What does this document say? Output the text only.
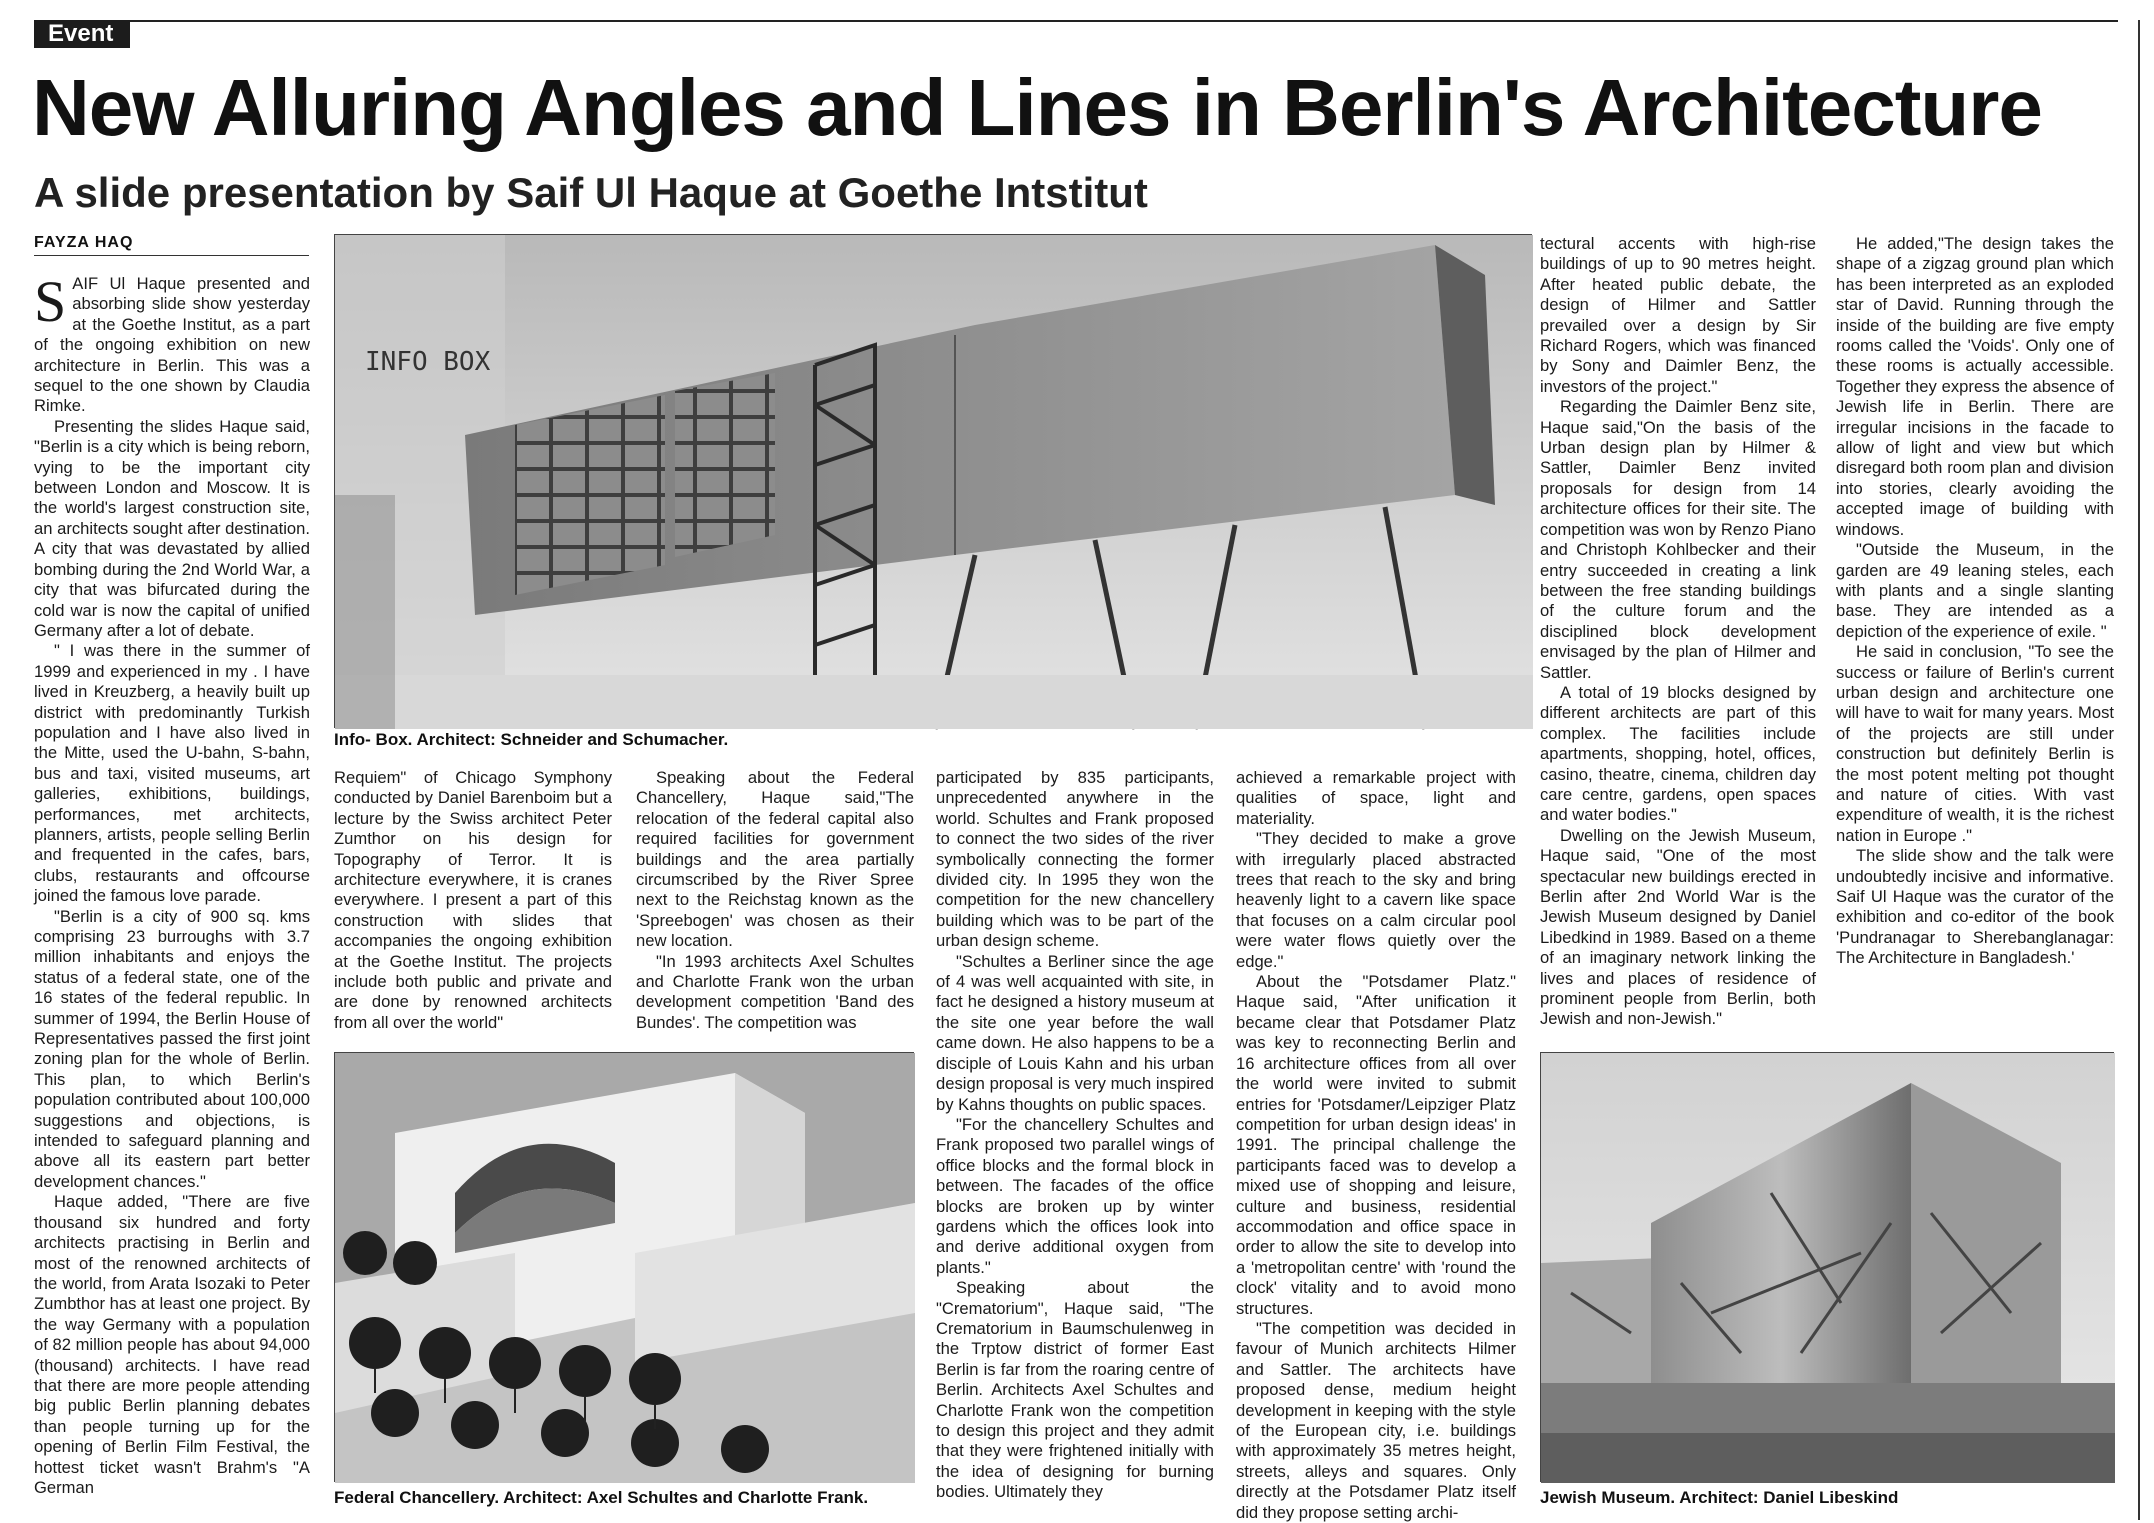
Event
New Alluring Angles and Lines in Berlin's Architecture
A slide presentation by Saif Ul Haque at Goethe Intstitut
FAYZA HAQ

SAIF Ul Haque presented and absorbing slide show yesterday at the Goethe Institut, as a part of the ongoing exhibition on new architecture in Berlin. This was a sequel to the one shown by Claudia Rimke.

Presenting the slides Haque said, "Berlin is a city which is being reborn, vying to be the important city between London and Moscow. It is the world's largest construction site, an architects sought after destination. A city that was devastated by allied bombing during the 2nd World War, a city that was bifurcated during the cold war is now the capital of unified Germany after a lot of debate.

" I was there in the summer of 1999 and experienced in my . I have lived in Kreuzberg, a heavily built up district with predominantly Turkish population and I have also lived in the Mitte, used the U-bahn, S-bahn, bus and taxi, visited museums, art galleries, exhibitions, buildings, performances, met architects, planners, artists, people selling Berlin and frequented in the cafes, bars, clubs, restaurants and offcourse joined the famous love parade.

"Berlin is a city of 900 sq. kms comprising 23 burroughs with 3.7 million inhabitants and enjoys the status of a federal state, one of the 16 states of the federal republic. In summer of 1994, the Berlin House of Representatives passed the first joint zoning plan for the whole of Berlin. This plan, to which Berlin's population contributed about 100,000 suggestions and objections, is intended to safeguard planning and above all its eastern part better development chances."

Haque added, "There are five thousand six hundred and forty architects practising in Berlin and most of the renowned architects of the world, from Arata Isozaki to Peter Zumbthor has at least one project. By the way Germany with a population of 82 million people has about 94,000 (thousand) architects. I have read that there are more people attending big public Berlin planning debates than people turning up for the opening of Berlin Film Festival, the hottest ticket wasn't Brahm's "A German

INFO BOX
Info- Box. Architect: Schneider and Schumacher.

Requiem" of Chicago Symphony conducted by Daniel Barenboim but a lecture by the Swiss architect Peter Zumthor on his design for Topography of Terror. It is architecture everywhere, it is cranes everywhere. I present a part of this construction with slides that accompanies the ongoing exhibition at the Goethe Institut. The projects include both public and private and are done by renowned architects from all over the world"

Speaking about the Federal Chancellery, Haque said,"The relocation of the federal capital also required facilities for government buildings and the area partially circumscribed by the River Spree next to the Reichstag known as the 'Spreebogen' was chosen as their new location.

"In 1993 architects Axel Schultes and Charlotte Frank won the urban development competition 'Band des Bundes'. The competition was

Federal Chancellery. Architect: Axel Schultes and Charlotte Frank.

participated by 835 participants, unprecedented anywhere in the world. Schultes and Frank proposed to connect the two sides of the river symbolically connecting the former divided city. In 1995 they won the competition for the new chancellery building which was to be part of the urban design scheme.

"Schultes a Berliner since the age of 4 was well acquainted with site, in fact he designed a history museum at the site one year before the wall came down. He also happens to be a disciple of Louis Kahn and his urban design proposal is very much inspired by Kahns thoughts on public spaces.

"For the chancellery Schultes and Frank proposed two parallel wings of office blocks and the formal block in between. The facades of the office blocks are broken up by winter gardens which the offices look into and derive additional oxygen from plants."

Speaking about the "Crematorium", Haque said, "The Crematorium in Baumschulenweg in the Trptow district of former East Berlin is far from the roaring centre of Berlin. Architects Axel Schultes and Charlotte Frank won the competition to design this project and they admit that they were frightened initially with the idea of designing for burning bodies. Ultimately they

achieved a remarkable project with qualities of space, light and materiality.

"They decided to make a grove with irregularly placed abstracted trees that reach to the sky and bring heavenly light to a cavern like space that focuses on a calm circular pool were water flows quietly over the edge."

About the "Potsdamer Platz." Haque said, "After unification it became clear that Potsdamer Platz was key to reconnecting Berlin and 16 architecture offices from all over the world were invited to submit entries for 'Potsdamer/Leipziger Platz competition for urban design ideas' in 1991. The principal challenge the participants faced was to develop a mixed use of shopping and leisure, culture and business, residential accommodation and office space in order to allow the site to develop into a 'metropolitan centre' with 'round the clock' vitality and to avoid mono structures.

"The competition was decided in favour of Munich architects Hilmer and Sattler. The architects have proposed dense, medium height development in keeping with the style of the European city, i.e. buildings with approximately 35 metres height, streets, alleys and squares. Only directly at the Potsdamer Platz itself did they propose setting archi-

tectural accents with high-rise buildings of up to 90 metres height. After heated public debate, the design of Hilmer and Sattler prevailed over a design by Sir Richard Rogers, which was financed by Sony and Daimler Benz, the investors of the project."

Regarding the Daimler Benz site, Haque said,"On the basis of the Urban design plan by Hilmer & Sattler, Daimler Benz invited proposals for design from 14 architecture offices for their site. The competition was won by Renzo Piano and Christoph Kohlbecker and their entry succeeded in creating a link between the free standing buildings of the culture forum and the disciplined block development envisaged by the plan of Hilmer and Sattler.

A total of 19 blocks designed by different architects are part of this complex. The facilities include apartments, shopping, hotel, offices, casino, theatre, cinema, children day care centre, gardens, open spaces and water bodies."

Dwelling on the Jewish Museum, Haque said, "One of the most spectacular new buildings erected in Berlin after 2nd World War is the Jewish Museum designed by Daniel Libedkind in 1989. Based on a theme of an imaginary network linking the lives and places of residence of prominent people from Berlin, both Jewish and non-Jewish."

He added,"The design takes the shape of a zigzag ground plan which has been interpreted as an exploded star of David. Running through the inside of the building are five empty rooms called the 'Voids'. Only one of these rooms is actually accessible. Together they express the absence of Jewish life in Berlin. There are irregular incisions in the facade to allow of light and view but which disregard both room plan and division into stories, clearly avoiding the accepted image of building with windows.

"Outside the Museum, in the garden are 49 leaning steles, each with plants and a single slanting base. They are intended as a depiction of the experience of exile. "

He said in conclusion, "To see the success or failure of Berlin's current urban design and architecture one will have to wait for many years. Most of the projects are still under construction but definitely Berlin is the most potent melting pot thought and nature of cities. With vast expenditure of wealth, it is the richest nation in Europe ."

The slide show and the talk were undoubtedly incisive and informative. Saif Ul Haque was the curator of the exhibition and co-editor of the book 'Pundranagar to Sherebanglanagar: The Architecture in Bangladesh.'

Jewish Museum. Architect: Daniel Libeskind
